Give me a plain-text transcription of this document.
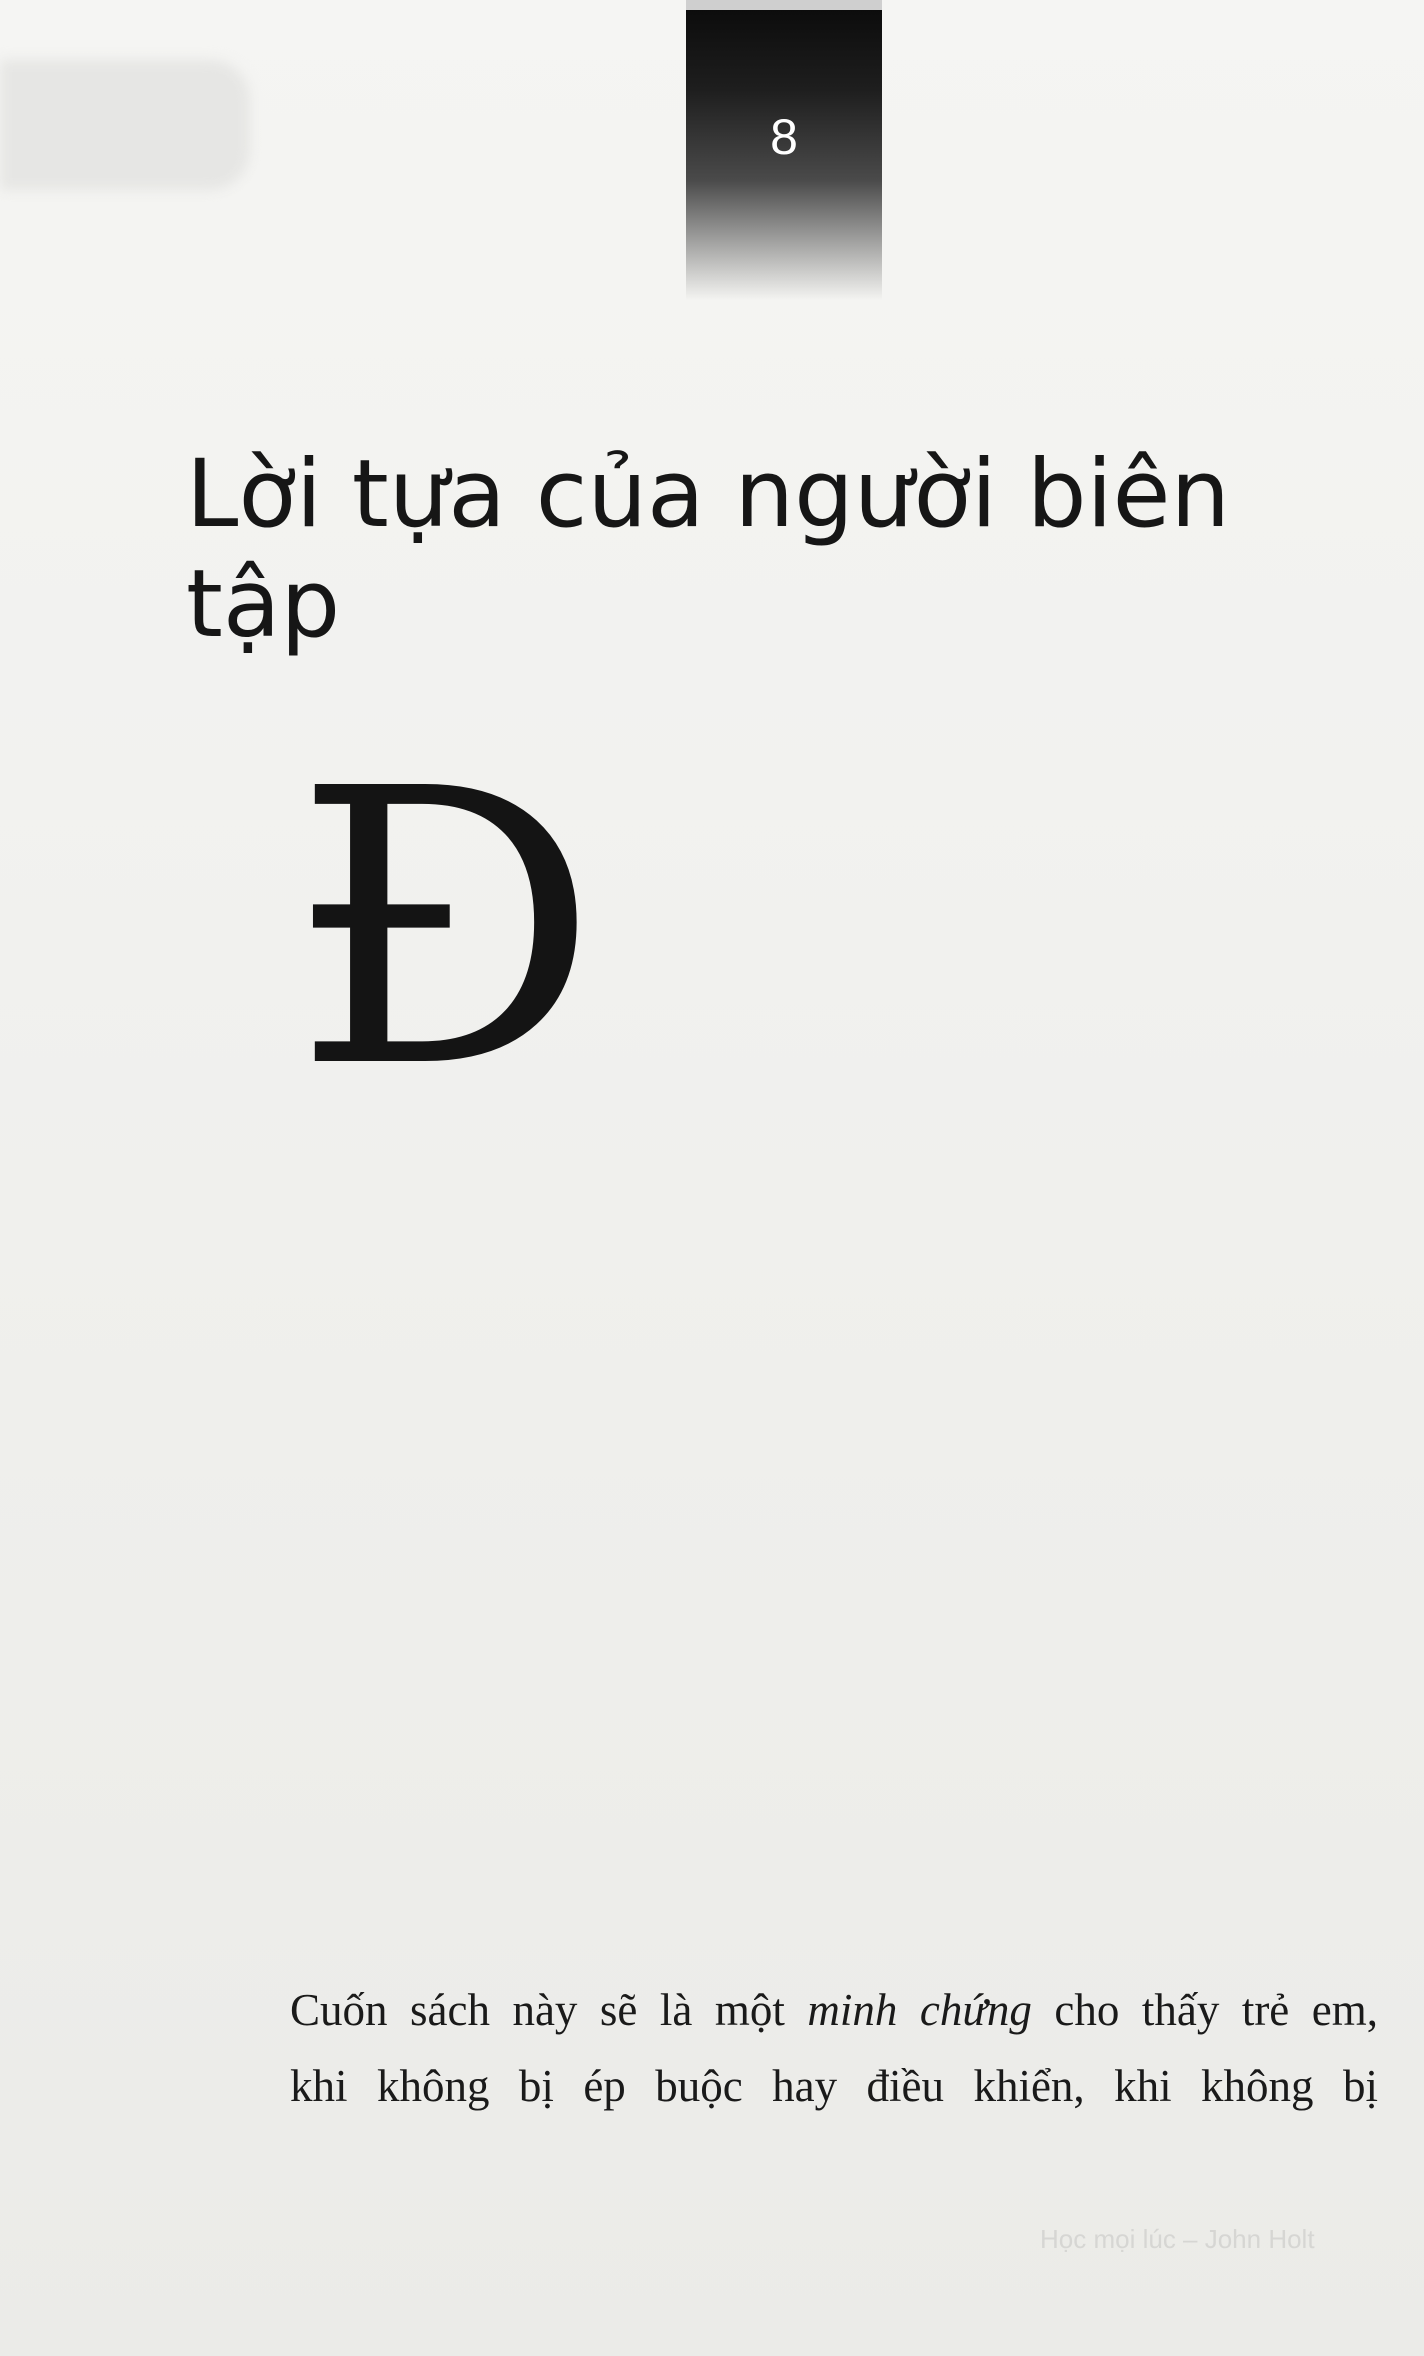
8
Lời tựa của người biên tập
Đ
Cuốn sách này sẽ là một minh chứng cho thấy trẻ em,
khi không bị ép buộc hay điều khiển, khi không bị
Học mọi lúc – John Holt
